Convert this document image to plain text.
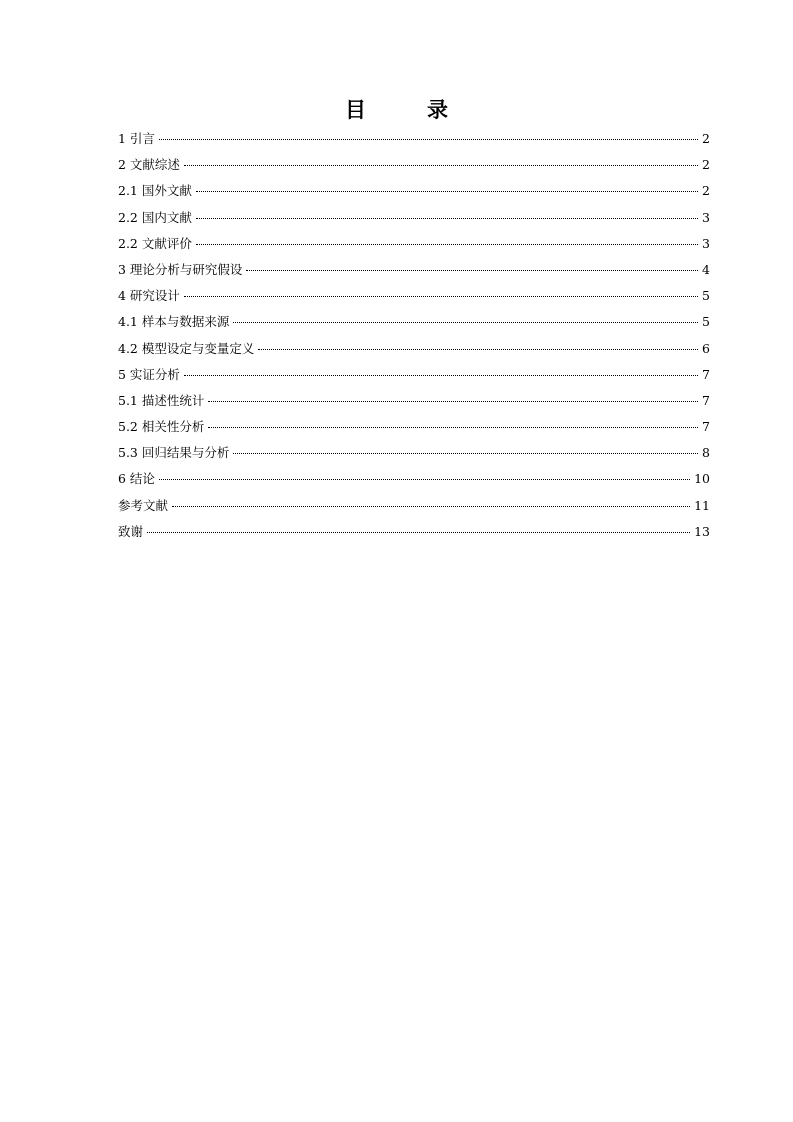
目　录
1 引言	2
2 文献综述	2
2.1 国外文献	2
2.2 国内文献	3
2.2 文献评价	3
3 理论分析与研究假设	4
4 研究设计	5
4.1 样本与数据来源	5
4.2 模型设定与变量定义	6
5 实证分析	7
5.1 描述性统计	7
5.2 相关性分析	7
5.3 回归结果与分析	8
6 结论	10
参考文献	11
致谢	13
